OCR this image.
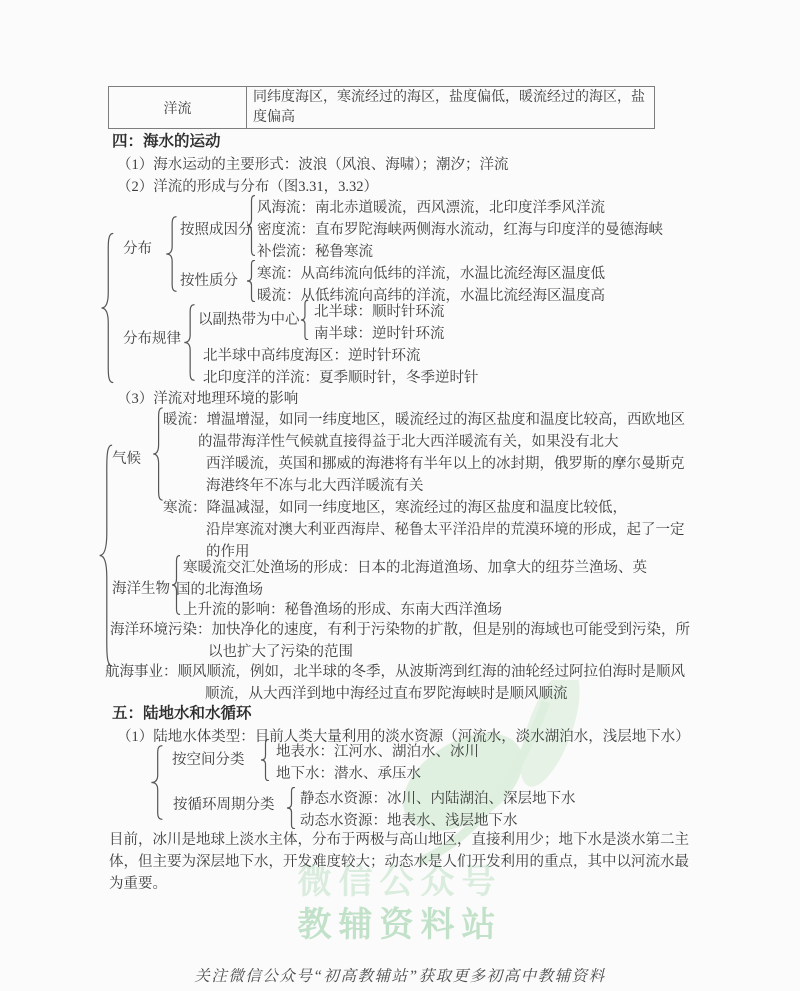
微信公众号
教辅资料站
洋流
同纬度海区，寒流经过的海区，盐度偏低，暖流经过的海区，盐度偏高
四：海水的运动
（1）海水运动的主要形式：波浪（风浪、海啸）；潮汐；洋流
（2）洋流的形成与分布（图3.31，3.32）
分布
按照成因分
风海流：南北赤道暖流，西风漂流，北印度洋季风洋流
密度流：直布罗陀海峡两侧海水流动，红海与印度洋的曼德海峡
补偿流：秘鲁寒流
按性质分 寒流：从高纬流向低纬的洋流，水温比流经海区温度低
暖流：从低纬流向高纬的洋流，水温比流经海区温度高
分布规律
以副热带为中心 北半球：顺时针环流
南半球：逆时针环流
北半球中高纬度海区：逆时针环流
北印度洋的洋流：夏季顺时针，冬季逆时针
（3）洋流对地理环境的影响
气候
暖流：增温增湿，如同一纬度地区，暖流经过的海区盐度和温度比较高，西欧地区
的温带海洋性气候就直接得益于北大西洋暖流有关，如果没有北大
西洋暖流，英国和挪威的海港将有半年以上的冰封期，俄罗斯的摩尔曼斯克
海港终年不冻与北大西洋暖流有关
寒流：降温减湿，如同一纬度地区，寒流经过的海区盐度和温度比较低，
沿岸寒流对澳大利亚西海岸、秘鲁太平洋沿岸的荒漠环境的形成，起了一定
的作用
海洋生物
寒暖流交汇处渔场的形成：日本的北海道渔场、加拿大的纽芬兰渔场、英
国的北海渔场
上升流的影响：秘鲁渔场的形成、东南大西洋渔场
海洋环境污染：加快净化的速度，有利于污染物的扩散，但是别的海域也可能受到污染，所
以也扩大了污染的范围
航海事业：顺风顺流，例如，北半球的冬季，从波斯湾到红海的油轮经过阿拉伯海时是顺风
顺流，从大西洋到地中海经过直布罗陀海峡时是顺风顺流
五：陆地水和水循环
（1）陆地水体类型：目前人类大量利用的淡水资源（河流水，淡水湖泊水，浅层地下水）
按空间分类 地表水：江河水、湖泊水、冰川
地下水：潜水、承压水
按循环周期分类 静态水资源：冰川、内陆湖泊、深层地下水
动态水资源：地表水、浅层地下水
目前，冰川是地球上淡水主体，分布于两极与高山地区，直接利用少；地下水是淡水第二主
体，但主要为深层地下水，开发难度较大；动态水是人们开发利用的重点，其中以河流水最
为重要。
关注微信公众号“初高教辅站”获取更多初高中教辅资料
